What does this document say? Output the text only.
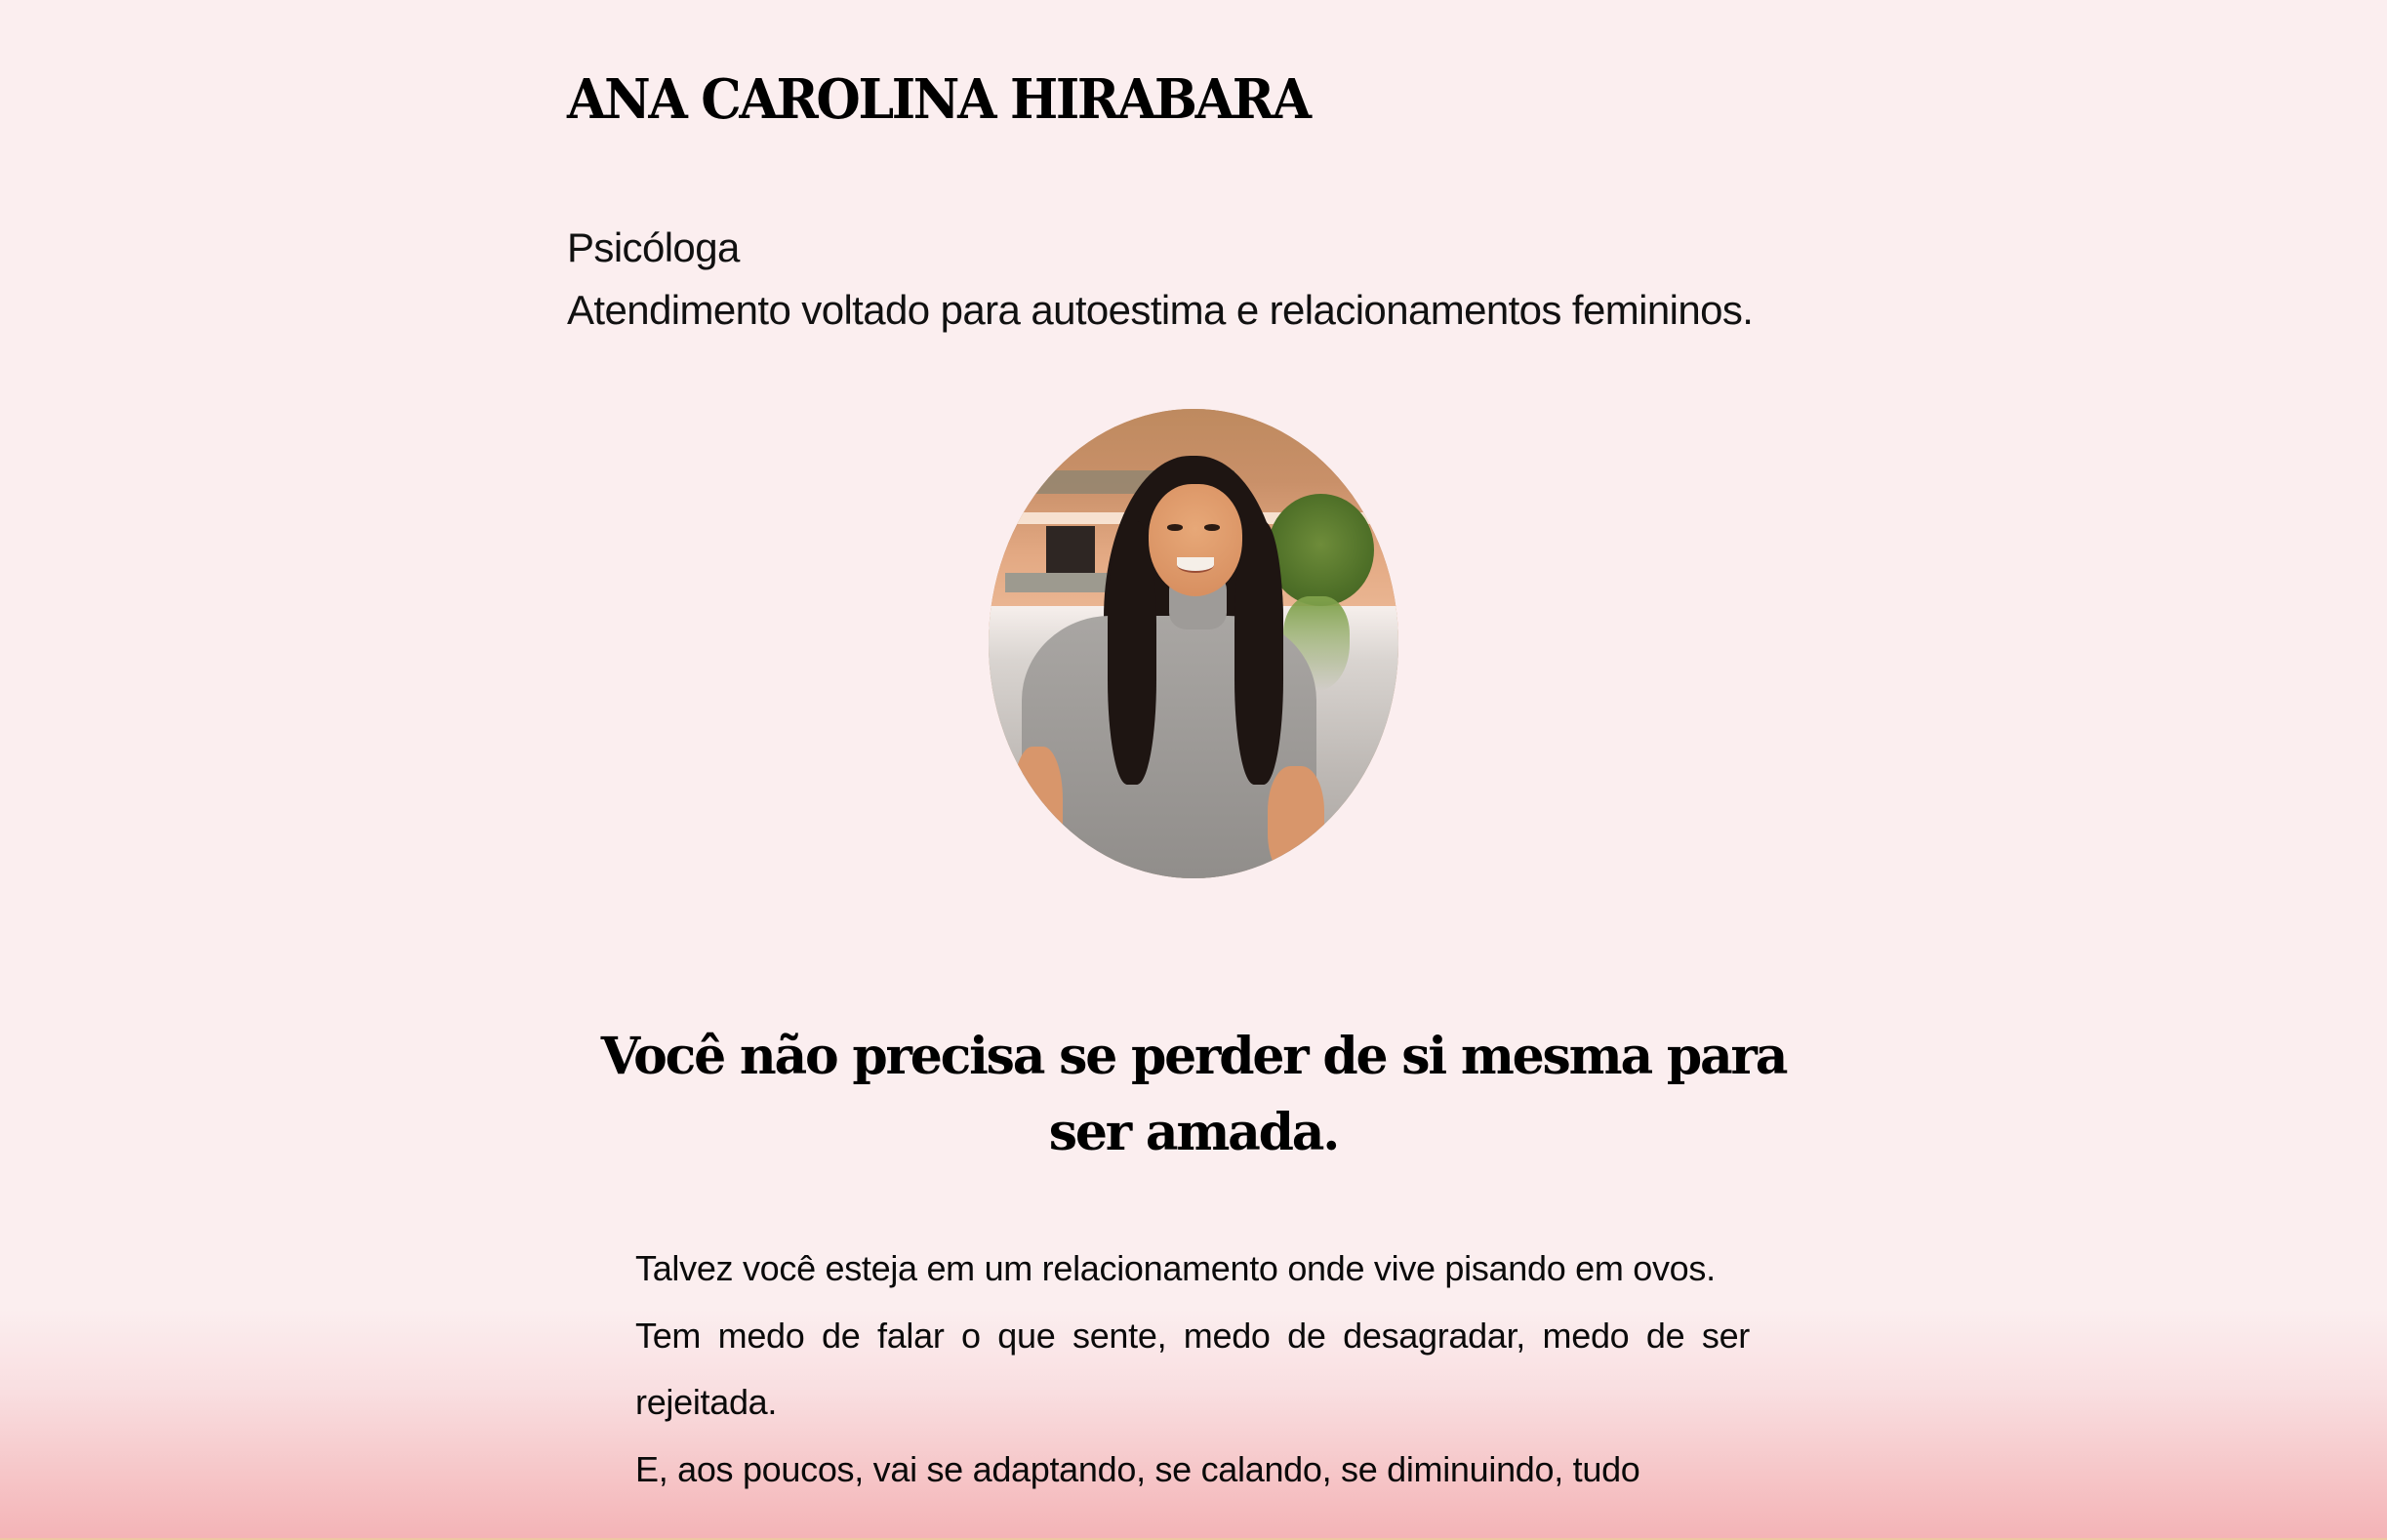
ANA CAROLINA HIRABARA
Psicóloga
Atendimento voltado para autoestima e relacionamentos femininos.
Você não precisa se perder de si mesma para
ser amada.

Talvez você esteja em um relacionamento onde vive pisando em ovos.

Tem medo de falar o que sente, medo de desagradar, medo de ser rejeitada.

E, aos poucos, vai se adaptando, se calando, se diminuindo, tudo
